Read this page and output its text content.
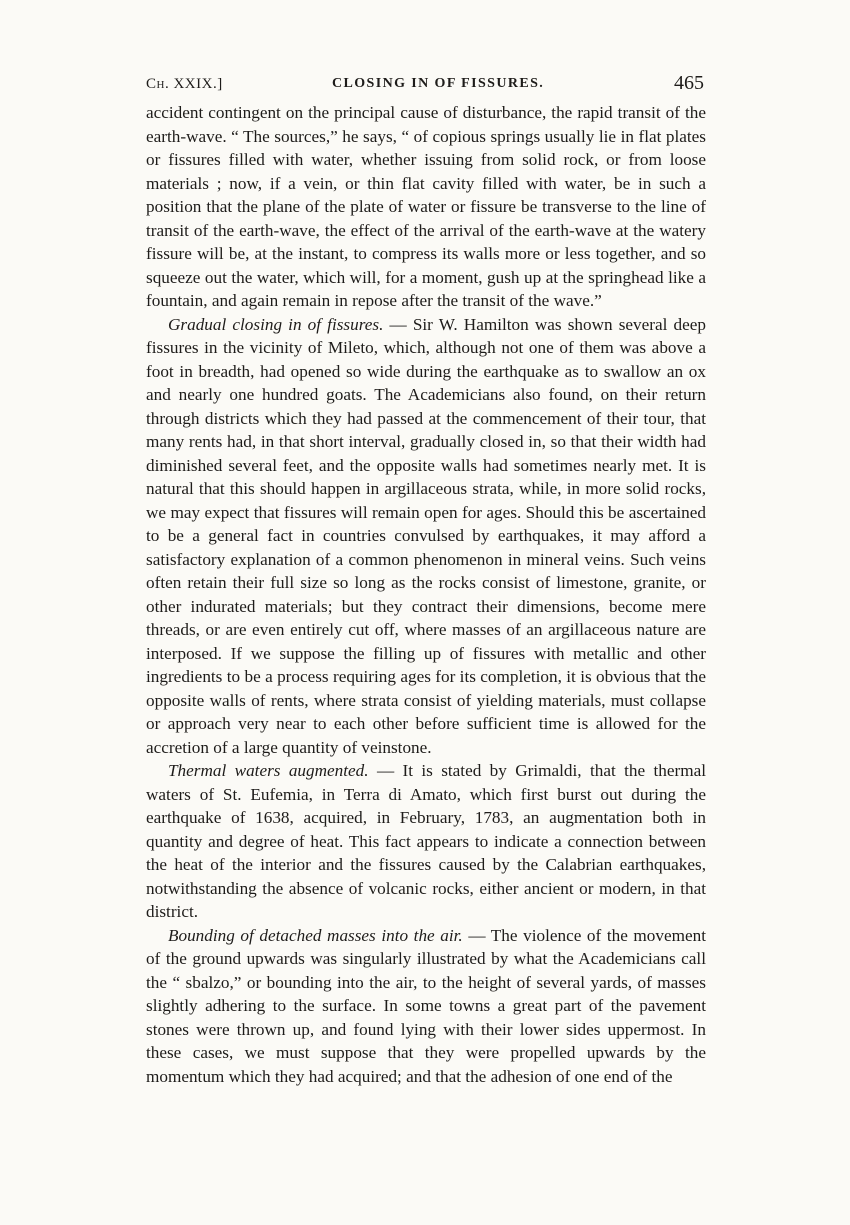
Ch. XXIX.]	CLOSING IN OF FISSURES.	465

accident contingent on the principal cause of disturbance, the rapid transit of the earth-wave. “ The sources,” he says, “ of copious springs usually lie in flat plates or fissures filled with water, whether issuing from solid rock, or from loose materials ; now, if a vein, or thin flat cavity filled with water, be in such a position that the plane of the plate of water or fissure be transverse to the line of transit of the earth-wave, the effect of the arrival of the earth-wave at the watery fissure will be, at the instant, to compress its walls more or less together, and so squeeze out the water, which will, for a moment, gush up at the springhead like a fountain, and again remain in repose after the transit of the wave.”

Gradual closing in of fissures. — Sir W. Hamilton was shown several deep fissures in the vicinity of Mileto, which, although not one of them was above a foot in breadth, had opened so wide during the earthquake as to swallow an ox and nearly one hundred goats. The Academicians also found, on their return through districts which they had passed at the commencement of their tour, that many rents had, in that short interval, gradually closed in, so that their width had diminished several feet, and the opposite walls had sometimes nearly met. It is natural that this should happen in argillaceous strata, while, in more solid rocks, we may expect that fissures will remain open for ages. Should this be ascertained to be a general fact in countries convulsed by earthquakes, it may afford a satisfactory explanation of a common phenomenon in mineral veins. Such veins often retain their full size so long as the rocks consist of limestone, granite, or other indurated materials; but they contract their dimensions, become mere threads, or are even entirely cut off, where masses of an argillaceous nature are interposed. If we suppose the filling up of fissures with metallic and other ingredients to be a process requiring ages for its completion, it is obvious that the opposite walls of rents, where strata consist of yielding materials, must collapse or approach very near to each other before sufficient time is allowed for the accretion of a large quantity of veinstone.

Thermal waters augmented. — It is stated by Grimaldi, that the thermal waters of St. Eufemia, in Terra di Amato, which first burst out during the earthquake of 1638, acquired, in February, 1783, an augmentation both in quantity and degree of heat. This fact appears to indicate a connection between the heat of the interior and the fissures caused by the Calabrian earthquakes, notwithstanding the absence of volcanic rocks, either ancient or modern, in that district.

Bounding of detached masses into the air. — The violence of the movement of the ground upwards was singularly illustrated by what the Academicians call the “ sbalzo,” or bounding into the air, to the height of several yards, of masses slightly adhering to the surface. In some towns a great part of the pavement stones were thrown up, and found lying with their lower sides uppermost. In these cases, we must suppose that they were propelled upwards by the momentum which they had acquired; and that the adhesion of one end of the
